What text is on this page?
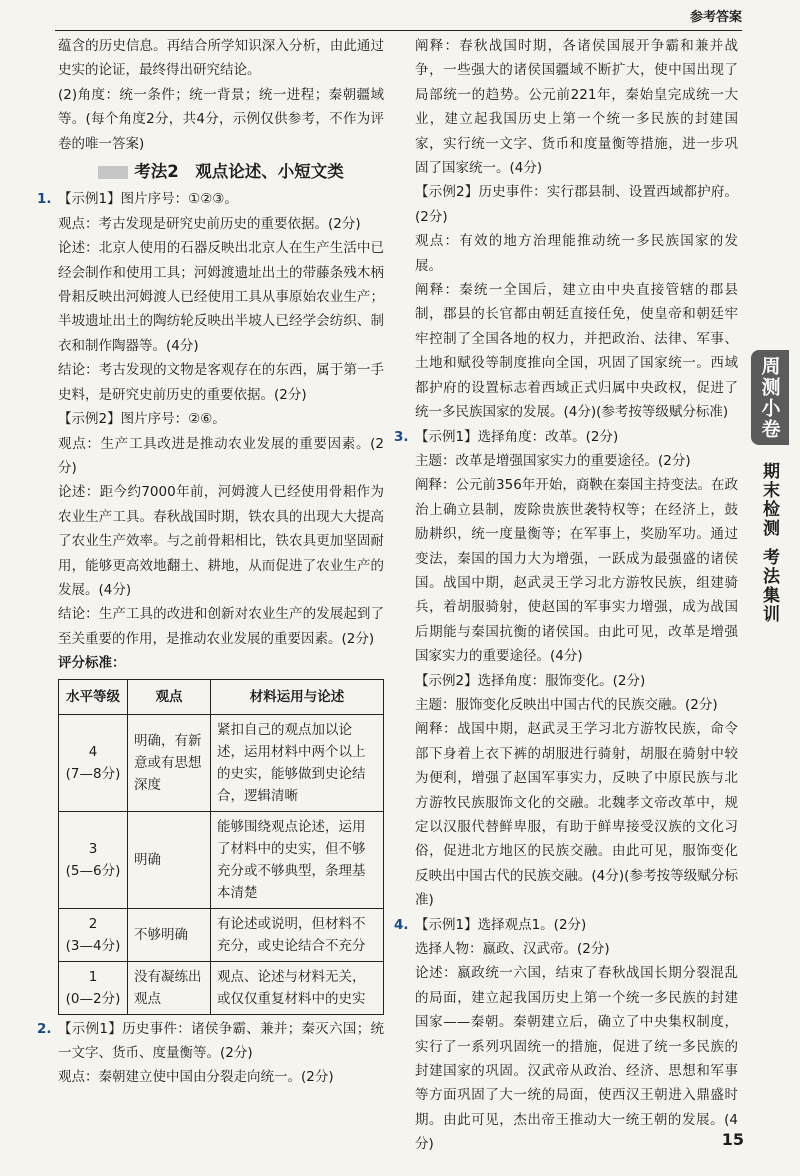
参考答案

蕴含的历史信息。再结合所学知识深入分析，由此通过史实的论证，最终得出研究结论。

(2)角度：统一条件；统一背景；统一进程；秦朝疆域等。(每个角度2分，共4分，示例仅供参考，不作为评卷的唯一答案)

考法2　观点论述、小短文类
1. 【示例1】图片序号：①②③。

观点：考古发现是研究史前历史的重要依据。(2分)

论述：北京人使用的石器反映出北京人在生产生活中已经会制作和使用工具；河姆渡遗址出土的带藤条残木柄骨耜反映出河姆渡人已经使用工具从事原始农业生产；半坡遗址出土的陶纺轮反映出半坡人已经学会纺织、制衣和制作陶器等。(4分)

结论：考古发现的文物是客观存在的东西，属于第一手史料，是研究史前历史的重要依据。(2分)

【示例2】图片序号：②⑥。

观点：生产工具改进是推动农业发展的重要因素。(2分)

论述：距今约7000年前，河姆渡人已经使用骨耜作为农业生产工具。春秋战国时期，铁农具的出现大大提高了农业生产效率。与之前骨耜相比，铁农具更加坚固耐用，能够更高效地翻土、耕地，从而促进了农业生产的发展。(4分)

结论：生产工具的改进和创新对农业生产的发展起到了至关重要的作用，是推动农业发展的重要因素。(2分)

评分标准：

水平等级	观点	材料运用与论述

4
(7—8分)	明确，有新意或有思想深度	紧扣自己的观点加以论述，运用材料中两个以上的史实，能够做到史论结合，逻辑清晰

3
(5—6分)	明确	能够围绕观点论述，运用了材料中的史实，但不够充分或不够典型，条理基本清楚

2
(3—4分)	不够明确	有论述或说明，但材料不充分，或史论结合不充分

1
(0—2分)	没有凝练出观点	观点、论述与材料无关，或仅仅重复材料中的史实
2. 【示例1】历史事件：诸侯争霸、兼并；秦灭六国；统一文字、货币、度量衡等。(2分)

观点：秦朝建立使中国由分裂走向统一。(2分)

阐释：春秋战国时期，各诸侯国展开争霸和兼并战争，一些强大的诸侯国疆域不断扩大，使中国出现了局部统一的趋势。公元前221年，秦始皇完成统一大业，建立起我国历史上第一个统一多民族的封建国家，实行统一文字、货币和度量衡等措施，进一步巩固了国家统一。(4分)

【示例2】历史事件：实行郡县制、设置西域都护府。(2分)

观点：有效的地方治理能推动统一多民族国家的发展。

阐释：秦统一全国后，建立由中央直接管辖的郡县制，郡县的长官都由朝廷直接任免，使皇帝和朝廷牢牢控制了全国各地的权力，并把政治、法律、军事、土地和赋役等制度推向全国，巩固了国家统一。西域都护府的设置标志着西域正式归属中央政权，促进了统一多民族国家的发展。(4分)(参考按等级赋分标准)

3. 【示例1】选择角度：改革。(2分)

主题：改革是增强国家实力的重要途径。(2分)

阐释：公元前356年开始，商鞅在秦国主持变法。在政治上确立县制，废除贵族世袭特权等；在经济上，鼓励耕织，统一度量衡等；在军事上，奖励军功。通过变法，秦国的国力大为增强，一跃成为最强盛的诸侯国。战国中期，赵武灵王学习北方游牧民族，组建骑兵，着胡服骑射，使赵国的军事实力增强，成为战国后期能与秦国抗衡的诸侯国。由此可见，改革是增强国家实力的重要途径。(4分)

【示例2】选择角度：服饰变化。(2分)

主题：服饰变化反映出中国古代的民族交融。(2分)

阐释：战国中期，赵武灵王学习北方游牧民族，命令部下身着上衣下裤的胡服进行骑射，胡服在骑射中较为便利，增强了赵国军事实力，反映了中原民族与北方游牧民族服饰文化的交融。北魏孝文帝改革中，规定以汉服代替鲜卑服，有助于鲜卑接受汉族的文化习俗，促进北方地区的民族交融。由此可见，服饰变化反映出中国古代的民族交融。(4分)(参考按等级赋分标准)

4. 【示例1】选择观点1。(2分)

选择人物：嬴政、汉武帝。(2分)

论述：嬴政统一六国，结束了春秋战国长期分裂混乱的局面，建立起我国历史上第一个统一多民族的封建国家——秦朝。秦朝建立后，确立了中央集权制度，实行了一系列巩固统一的措施，促进了统一多民族的封建国家的巩固。汉武帝从政治、经济、思想和军事等方面巩固了大一统的局面，使西汉王朝进入鼎盛时期。由此可见，杰出帝王推动大一统王朝的发展。(4分)

周测小卷
期末检测
考法集训
15
